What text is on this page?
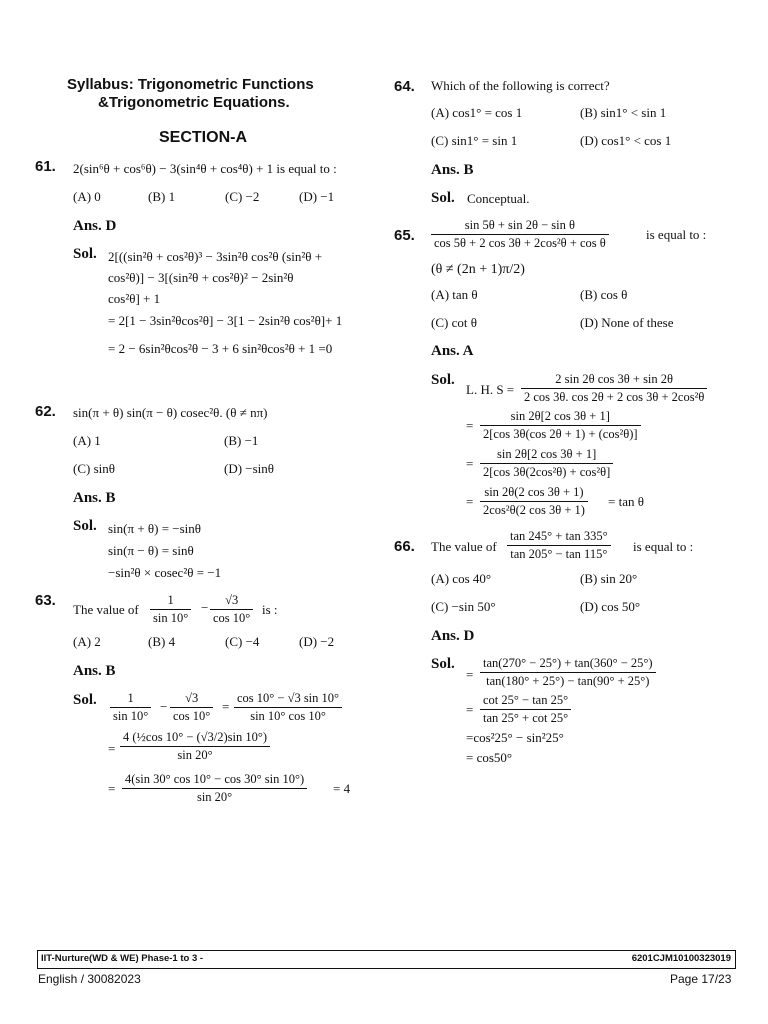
Syllabus: Trigonometric Functions
&Trigonometric Equations.
SECTION-A
61. 2(sin⁶θ + cos⁶θ) − 3(sin⁴θ + cos⁴θ) + 1 is equal to :
(A) 0	(B) 1	(C) −2	(D) −1
Ans. D
Sol. 2[((sin²θ + cos²θ)³ − 3sin²θ cos²θ (sin²θ +
cos²θ)] − 3[(sin²θ + cos²θ)² − 2sin²θ
cos²θ] + 1
= 2[1 − 3sin²θcos²θ] − 3[1 − 2sin²θ cos²θ]+ 1
= 2 − 6sin²θcos²θ − 3 + 6 sin²θcos²θ + 1 =0
62. sin(π + θ) sin(π − θ) cosec²θ. (θ ≠ nπ)
(A) 1	(B) −1
(C) sinθ	(D) −sinθ
Ans. B
Sol. sin(π + θ) = −sinθ
sin(π − θ) = sinθ
−sin²θ × cosec²θ = −1
63.
The value of
1
sin 10°
− √3
cos 10°
is :
(A) 2	(B) 4	(C) −4	(D) −2
Ans. B
Sol. 1
sin 10°
−
√3
cos 10°
=
cos 10° − √3 sin 10°
sin 10° cos 10°
=
4 (½cos 10° − (√3/2)sin 10°)
sin 20°
=
4(sin 30° cos 10° − cos 30° sin 10°)
sin 20°
= 4
64. Which of the following is correct?
(A) cos1° = cos 1	(B) sin1° < sin 1
(C) sin1° = sin 1	(D) cos1° < cos 1
Ans. B
Sol. Conceptual.
65.
sin 5θ + sin 2θ − sin θ
cos 5θ + 2 cos 3θ + 2cos²θ + cos θ
is equal to :
(θ ≠ (2n + 1)π/2)
(A) tan θ	(B) cos θ
(C) cot θ	(D) None of these
Ans. A
Sol.
L. H. S =
2 sin 2θ cos 3θ + sin 2θ
2 cos 3θ. cos 2θ + 2 cos 3θ + 2cos²θ
=
sin 2θ[2 cos 3θ + 1]
2[cos 3θ(cos 2θ + 1) + (cos²θ)]
=
sin 2θ[2 cos 3θ + 1]
2[cos 3θ(2cos²θ) + cos²θ]
=
sin 2θ(2 cos 3θ + 1)
2cos²θ(2 cos 3θ + 1)
= tan θ
66. The value of
tan 245° + tan 335°
tan 205° − tan 115° is equal to :
(A) cos 40°	(B) sin 20°
(C) −sin 50°	(D) cos 50°
Ans. D
Sol.
=
tan(270° − 25°) + tan(360° − 25°)
tan(180° + 25°) − tan(90° + 25°)
=
cot 25° − tan 25°
tan 25° + cot 25°
=cos²25° − sin²25°
= cos50°
IIT-Nurture(WD & WE) Phase-1 to 3 -	6201CJM10100323019
English / 30082023	Page 17/23
